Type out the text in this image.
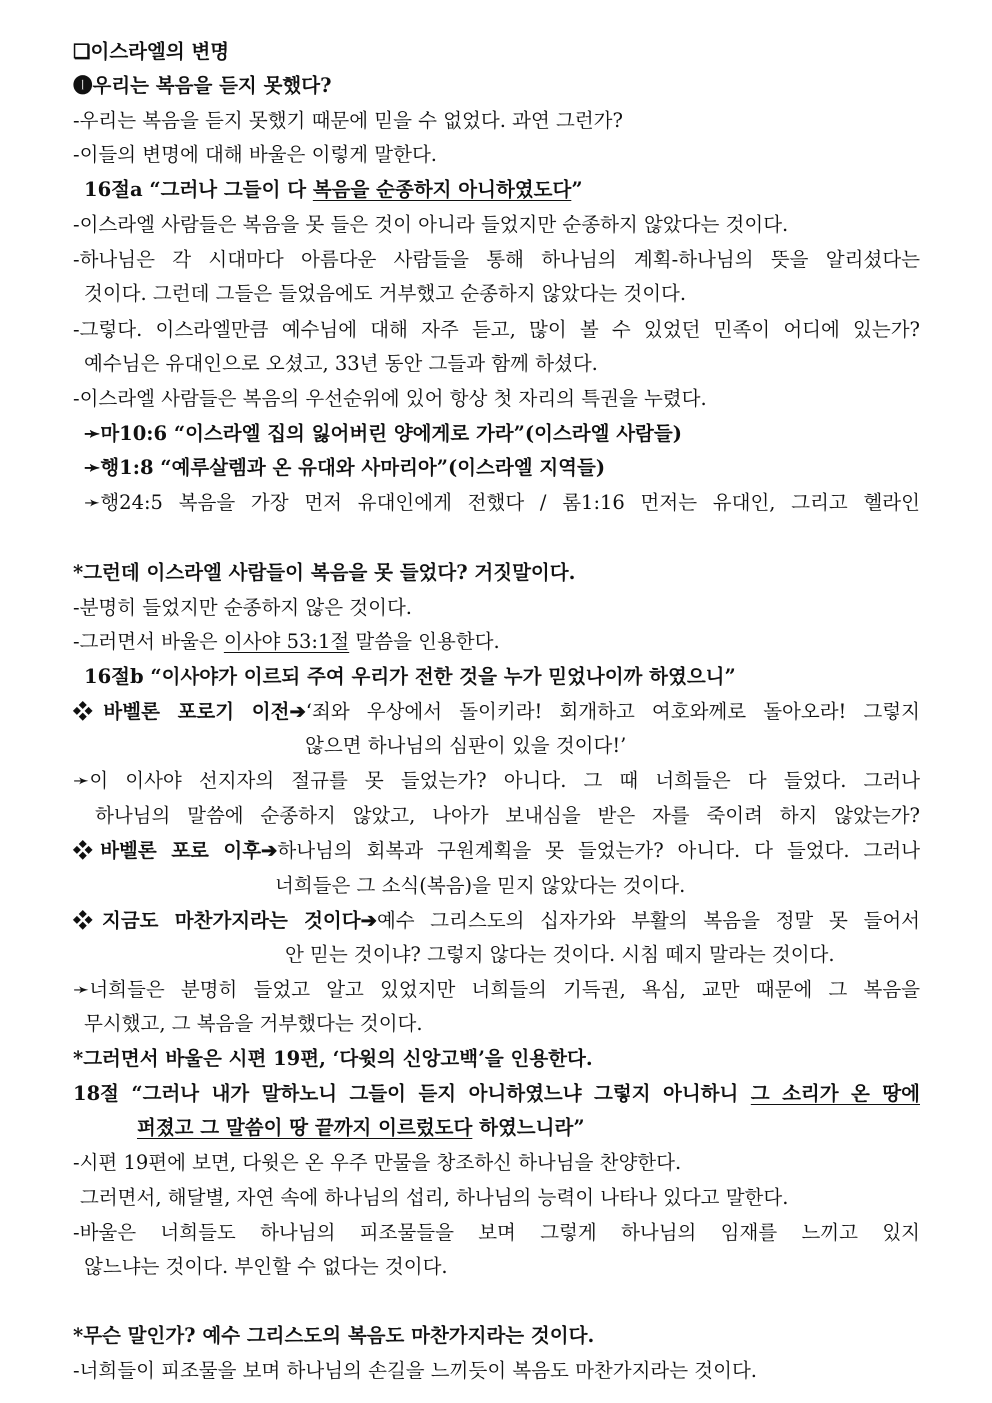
❏이스라엘의 변명
❶우리는 복음을 듣지 못했다?
-우리는 복음을 듣지 못했기 때문에 믿을 수 없었다. 과연 그런가?
-이들의 변명에 대해 바울은 이렇게 말한다.
16절a “그러나 그들이 다 복음을 순종하지 아니하였도다”
-이스라엘 사람들은 복음을 못 들은 것이 아니라 들었지만 순종하지 않았다는 것이다.
-하나님은 각 시대마다 아름다운 사람들을 통해 하나님의 계획-하나님의 뜻을 알리셨다는
것이다. 그런데 그들은 들었음에도 거부했고 순종하지 않았다는 것이다.
-그렇다. 이스라엘만큼 예수님에 대해 자주 듣고, 많이 볼 수 있었던 민족이 어디에 있는가?
예수님은 유대인으로 오셨고, 33년 동안 그들과 함께 하셨다.
-이스라엘 사람들은 복음의 우선순위에 있어 항상 첫 자리의 특권을 누렸다.
➛마10:6 “이스라엘 집의 잃어버린 양에게로 가라”(이스라엘 사람들)
➛행1:8 “예루살렘과 온 유대와 사마리아”(이스라엘 지역들)
➛행24:5 복음을 가장 먼저 유대인에게 전했다 / 롬1:16 먼저는 유대인, 그리고 헬라인
*그런데 이스라엘 사람들이 복음을 못 들었다? 거짓말이다.
-분명히 들었지만 순종하지 않은 것이다.
-그러면서 바울은 이사야 53:1절 말씀을 인용한다.
16절b “이사야가 이르되 주여 우리가 전한 것을 누가 믿었나이까 하였으니”
❖바벨론 포로기 이전➔‘죄와 우상에서 돌이키라! 회개하고 여호와께로 돌아오라! 그렇지
않으면 하나님의 심판이 있을 것이다!’
➛이 이사야 선지자의 절규를 못 들었는가? 아니다. 그 때 너희들은 다 들었다. 그러나
하나님의 말씀에 순종하지 않았고, 나아가 보내심을 받은 자를 죽이려 하지 않았는가?
❖바벨론 포로 이후➔하나님의 회복과 구원계획을 못 들었는가? 아니다. 다 들었다. 그러나
너희들은 그 소식(복음)을 믿지 않았다는 것이다.
❖지금도 마찬가지라는 것이다➔예수 그리스도의 십자가와 부활의 복음을 정말 못 들어서
안 믿는 것이냐? 그렇지 않다는 것이다. 시침 떼지 말라는 것이다.
➛너희들은 분명히 들었고 알고 있었지만 너희들의 기득권, 욕심, 교만 때문에 그 복음을
무시했고, 그 복음을 거부했다는 것이다.
*그러면서 바울은 시편 19편, ‘다윗의 신앙고백’을 인용한다.
18절 “그러나 내가 말하노니 그들이 듣지 아니하였느냐 그렇지 아니하니 그 소리가 온 땅에
퍼졌고 그 말씀이 땅 끝까지 이르렀도다 하였느니라”
-시편 19편에 보면, 다윗은 온 우주 만물을 창조하신 하나님을 찬양한다.
그러면서, 해달별, 자연 속에 하나님의 섭리, 하나님의 능력이 나타나 있다고 말한다.
-바울은 너희들도 하나님의 피조물들을 보며 그렇게 하나님의 임재를 느끼고 있지
않느냐는 것이다. 부인할 수 없다는 것이다.
*무슨 말인가? 예수 그리스도의 복음도 마찬가지라는 것이다.
-너희들이 피조물을 보며 하나님의 손길을 느끼듯이 복음도 마찬가지라는 것이다.
